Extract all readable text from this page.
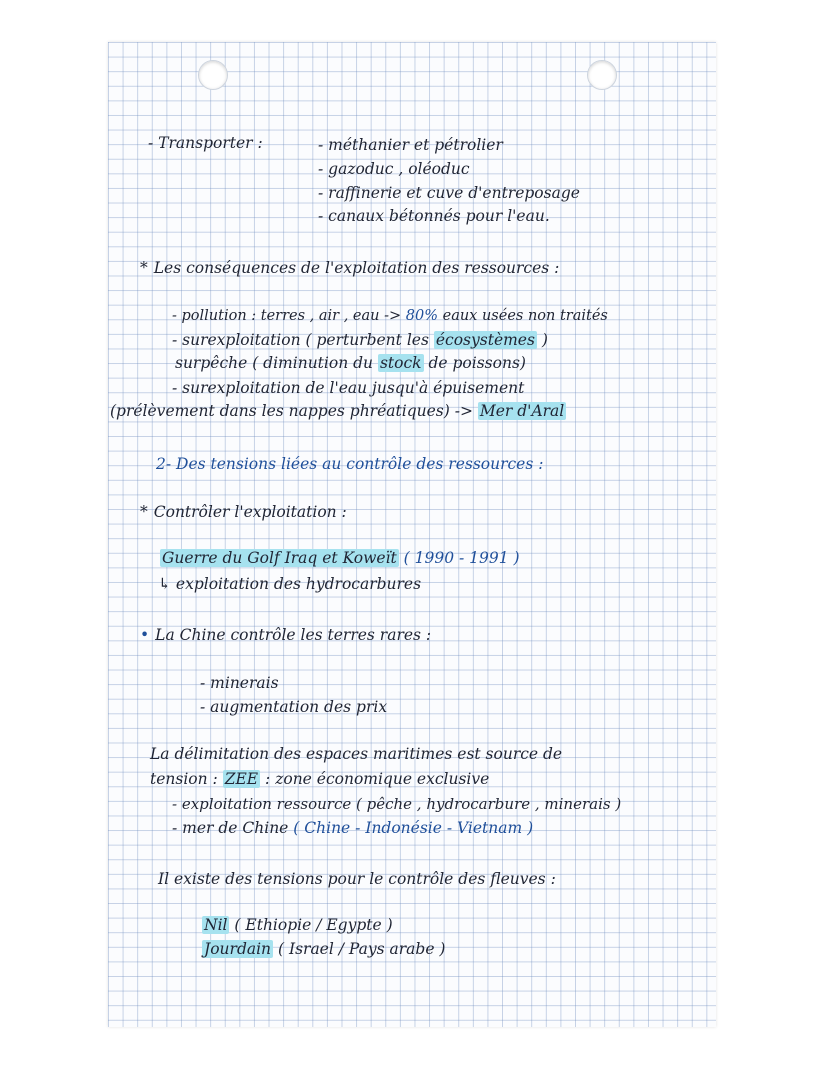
- Transporter :	- méthanier et pétrolier

- gazoduc , oléoduc

- raffinerie et cuve d'entreposage

- canaux bétonnés pour l'eau.

* Les conséquences de l'exploitation des ressources :

- pollution : terres , air , eau -> 80% eaux usées non traités

- surexploitation ( perturbent les écosystèmes )

surpêche ( diminution du stock de poissons)

- surexploitation de l'eau jusqu'à épuisement

(prélèvement dans les nappes phréatiques) -> Mer d'Aral

2- Des tensions liées au contrôle des ressources :

* Contrôler l'exploitation :

Guerre du Golf Iraq et Koweït ( 1990 - 1991 )

↳ exploitation des hydrocarbures

• La Chine contrôle les terres rares :

- minerais

- augmentation des prix

La délimitation des espaces maritimes est source de

tension : ZEE : zone économique exclusive

- exploitation ressource ( pêche , hydrocarbure , minerais )

- mer de Chine ( Chine - Indonésie - Vietnam )

Il existe des tensions pour le contrôle des fleuves :

Nil ( Ethiopie / Egypte )

Jourdain ( Israel / Pays arabe )
